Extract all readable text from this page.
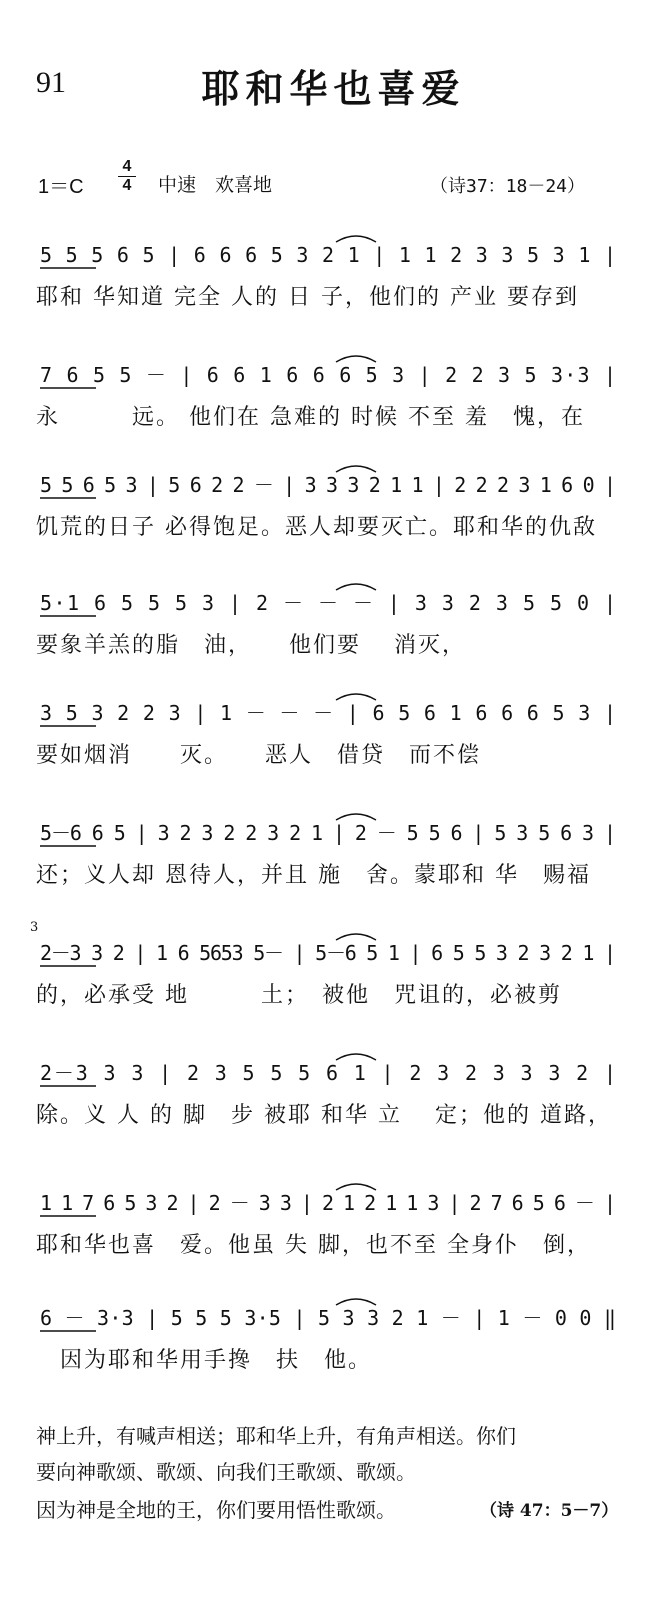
91	耶和华也喜爱
1＝C
4
4 中速　欢喜地	（诗37：18－24）
5 5 5 6 5 | 6 6 6 5 3 2 1 | 1 1 2 3 3 5 3 1 |
耶和 华知道 完全 人的 日 子，他们的 产业 要存到
7 6 5 5 － | 6 6 1 6 6 6 5 3 | 2 2 3 5 3·3 |
永　　　远。 他们在 急难的 时候 不至 羞　愧，在
5 5 6 5 3 | 5 6 2 2 － | 3 3 3 2 1 1 | 2 2 2 3 1 6 0 |
饥荒的日子 必得饱足。恶人却要灭亡。耶和华的仇敌
5·1 6 5 5 5 3 | 2 － － － | 3 3 2 3 5 5 0 |
要象羊羔的脂　油，　　他们要　 消灭，
3 5 3 2 2 3 | 1 － － － | 6 5 6 1 6 6 6 5 3 |
要如烟消　　灭。　　恶人　借贷　而不偿
5－6 6 5 | 3 2 3 2 2 3 2 1 | 2 － 5 5 6 | 5 3 5 6 3 |
还；义人却 恩待人，并且 施　舍。蒙耶和 华　赐福
2－3 3 2 | 1 6 5653 5－ | 5－6 5 1 | 6 5 5 3 2 3 2 1 |
的，必承受 地　　　土；　被他　咒诅的，必被剪
3
2－3 3 3 | 2 3 5 5 5 6 1 | 2 3 2 3 3 3 2 |
除。义 人 的 脚　步 被耶 和华 立　 定；他的 道路，
1 1 7 6 5 3 2 | 2 － 3 3 | 2 1 2 1 1 3 | 2 7 6 5 6 － |
耶和华也喜　爱。他虽 失 脚，也不至 全身仆　倒，
6 － 3·3 | 5 5 5 3·5 | 5 3 3 2 1 － | 1 － 0 0 ‖
　因为耶和华用手搀　扶　他。
神上升，有喊声相送；耶和华上升，有角声相送。你们
要向神歌颂、歌颂、向我们王歌颂、歌颂。
因为神是全地的王，你们要用悟性歌颂。	（诗 47：5－7）
